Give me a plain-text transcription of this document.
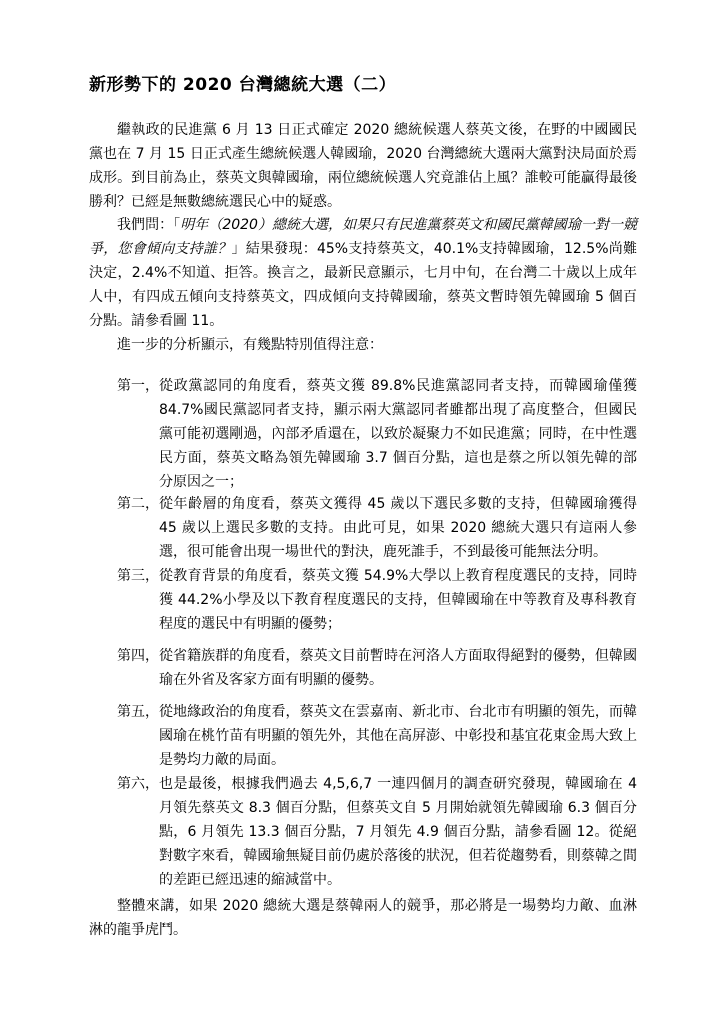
新形勢下的 2020 台灣總統大選（二）
繼執政的民進黨 6 月 13 日正式確定 2020 總統候選人蔡英文後，在野的中國國民黨也在 7 月 15 日正式產生總統候選人韓國瑜，2020 台灣總統大選兩大黨對決局面於焉成形。到目前為止，蔡英文與韓國瑜，兩位總統候選人究竟誰佔上風？誰較可能贏得最後勝利？已經是無數總統選民心中的疑惑。
我們問：「明年（2020）總統大選，如果只有民進黨蔡英文和國民黨韓國瑜一對一競爭，您會傾向支持誰？」結果發現：45%支持蔡英文，40.1%支持韓國瑜，12.5%尚難決定，2.4%不知道、拒答。換言之，最新民意顯示，七月中旬，在台灣二十歲以上成年人中，有四成五傾向支持蔡英文，四成傾向支持韓國瑜，蔡英文暫時領先韓國瑜 5 個百分點。請參看圖 11。
進一步的分析顯示，有幾點特別值得注意：
第一， 從政黨認同的角度看，蔡英文獲 89.8%民進黨認同者支持，而韓國瑜僅獲 84.7%國民黨認同者支持，顯示兩大黨認同者雖都出現了高度整合，但國民黨可能初選剛過，內部矛盾還在，以致於凝聚力不如民進黨；同時，在中性選民方面，蔡英文略為領先韓國瑜 3.7 個百分點，這也是蔡之所以領先韓的部分原因之一；
第二， 從年齡層的角度看，蔡英文獲得 45 歲以下選民多數的支持，但韓國瑜獲得 45 歲以上選民多數的支持。由此可見，如果 2020 總統大選只有這兩人參選，很可能會出現一場世代的對決，鹿死誰手，不到最後可能無法分明。
第三， 從教育背景的角度看，蔡英文獲 54.9%大學以上教育程度選民的支持，同時獲 44.2%小學及以下教育程度選民的支持，但韓國瑜在中等教育及專科教育程度的選民中有明顯的優勢；
第四， 從省籍族群的角度看，蔡英文目前暫時在河洛人方面取得絕對的優勢，但韓國瑜在外省及客家方面有明顯的優勢。
第五， 從地緣政治的角度看，蔡英文在雲嘉南、新北市、台北市有明顯的領先，而韓國瑜在桃竹苗有明顯的領先外，其他在高屏澎、中彰投和基宜花東金馬大致上是勢均力敵的局面。
第六， 也是最後，根據我們過去 4,5,6,7 一連四個月的調查研究發現，韓國瑜在 4 月領先蔡英文 8.3 個百分點，但蔡英文自 5 月開始就領先韓國瑜 6.3 個百分點，6 月領先 13.3 個百分點，7 月領先 4.9 個百分點，請參看圖 12。從絕對數字來看，韓國瑜無疑目前仍處於落後的狀況，但若從趨勢看，則蔡韓之間的差距已經迅速的縮減當中。
整體來講，如果 2020 總統大選是蔡韓兩人的競爭，那必將是一場勢均力敵、血淋淋的龍爭虎鬥。
